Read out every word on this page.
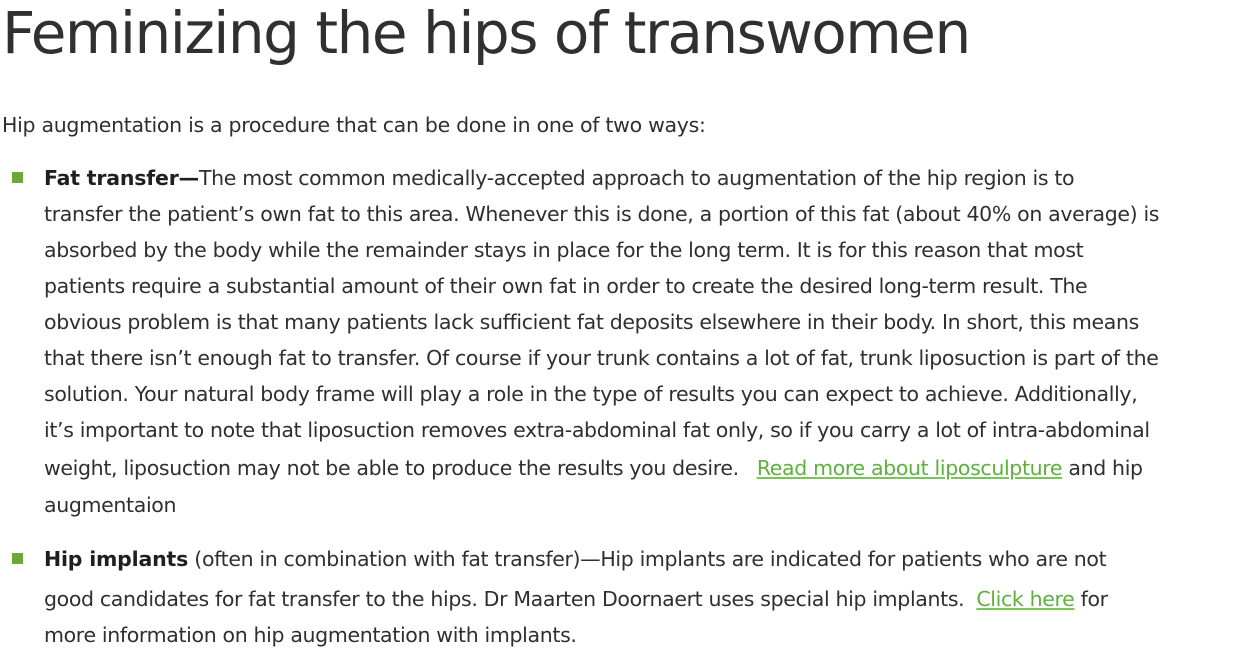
Feminizing the hips of transwomen

Hip augmentation is a procedure that can be done in one of two ways:

Fat transfer—The most common medically-accepted approach to augmentation of the hip region is to
transfer the patient’s own fat to this area. Whenever this is done, a portion of this fat (about 40% on average) is
absorbed by the body while the remainder stays in place for the long term. It is for this reason that most
patients require a substantial amount of their own fat in order to create the desired long-term result. The
obvious problem is that many patients lack sufficient fat deposits elsewhere in their body. In short, this means
that there isn’t enough fat to transfer. Of course if your trunk contains a lot of fat, trunk liposuction is part of the
solution. Your natural body frame will play a role in the type of results you can expect to achieve. Additionally,
it’s important to note that liposuction removes extra-abdominal fat only, so if you carry a lot of intra-abdominal
weight, liposuction may not be able to produce the results you desire. Read more about liposculpture and hip
augmentaion
Hip implants (often in combination with fat transfer)—Hip implants are indicated for patients who are not
good candidates for fat transfer to the hips. Dr Maarten Doornaert uses special hip implants. Click here for
more information on hip augmentation with implants.
